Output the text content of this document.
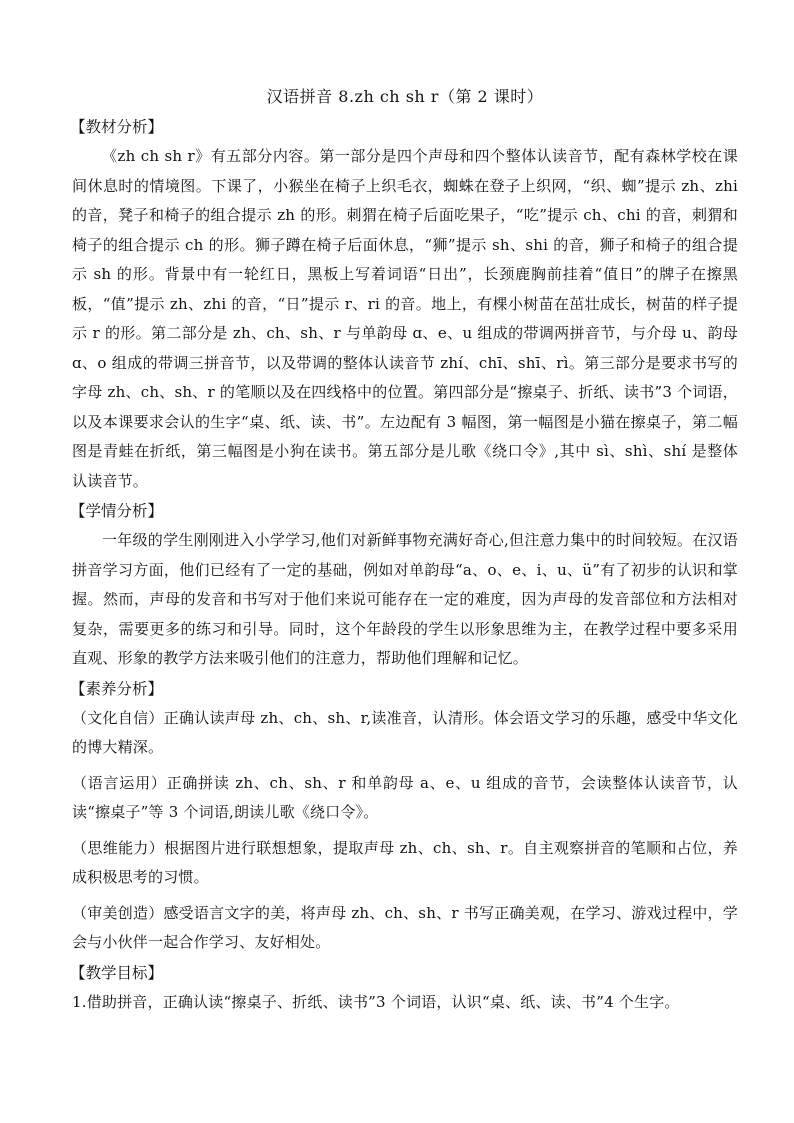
汉语拼音 8.zh ch sh r（第 2 课时）
【教材分析】

《zh ch sh r》有五部分内容。第一部分是四个声母和四个整体认读音节，配有森林学校在课间休息时的情境图。下课了，小猴坐在椅子上织毛衣，蜘蛛在登子上织网，“织、蜘”提示 zh、zhi 的音，凳子和椅子的组合提示 zh 的形。刺猬在椅子后面吃果子，“吃”提示 ch、chi 的音，刺猬和椅子的组合提示 ch 的形。狮子蹲在椅子后面休息，“狮”提示 sh、shi 的音，狮子和椅子的组合提示 sh 的形。背景中有一轮红日，黑板上写着词语“日出”，长颈鹿胸前挂着“值日”的牌子在擦黑板，“值”提示 zh、zhi 的音，“日”提示 r、ri 的音。地上，有棵小树苗在茁壮成长，树苗的样子提示 r 的形。第二部分是 zh、ch、sh、r 与单韵母 ɑ、e、u 组成的带调两拼音节，与介母 u、韵母 ɑ、o 组成的带调三拼音节，以及带调的整体认读音节 zhí、chī、shī、rì。第三部分是要求书写的字母 zh、ch、sh、r 的笔顺以及在四线格中的位置。第四部分是“擦桌子、折纸、读书”3 个词语，以及本课要求会认的生字“桌、纸、读、书”。左边配有 3 幅图，第一幅图是小猫在擦桌子，第二幅图是青蛙在折纸，第三幅图是小狗在读书。第五部分是儿歌《绕口令》,其中 sì、shì、shí 是整体认读音节。

【学情分析】

一年级的学生刚刚进入小学学习,他们对新鲜事物充满好奇心,但注意力集中的时间较短。在汉语拼音学习方面，他们已经有了一定的基础，例如对单韵母“a、o、e、i、u、ü”有了初步的认识和掌握。然而，声母的发音和书写对于他们来说可能存在一定的难度，因为声母的发音部位和方法相对复杂，需要更多的练习和引导。同时，这个年龄段的学生以形象思维为主，在教学过程中要多采用直观、形象的教学方法来吸引他们的注意力，帮助他们理解和记忆。

【素养分析】

（文化自信）正确认读声母 zh、ch、sh、r,读准音，认清形。体会语文学习的乐趣，感受中华文化的博大精深。

（语言运用）正确拼读 zh、ch、sh、r 和单韵母 a、e、u 组成的音节，会读整体认读音节，认读“擦桌子”等 3 个词语,朗读儿歌《绕口令》。

（思维能力）根据图片进行联想想象，提取声母 zh、ch、sh、r。自主观察拼音的笔顺和占位，养成积极思考的习惯。

（审美创造）感受语言文字的美，将声母 zh、ch、sh、r 书写正确美观，在学习、游戏过程中，学会与小伙伴一起合作学习、友好相处。

【教学目标】

1.借助拼音，正确认读“擦桌子、折纸、读书”3 个词语，认识“桌、纸、读、书”4 个生字。
